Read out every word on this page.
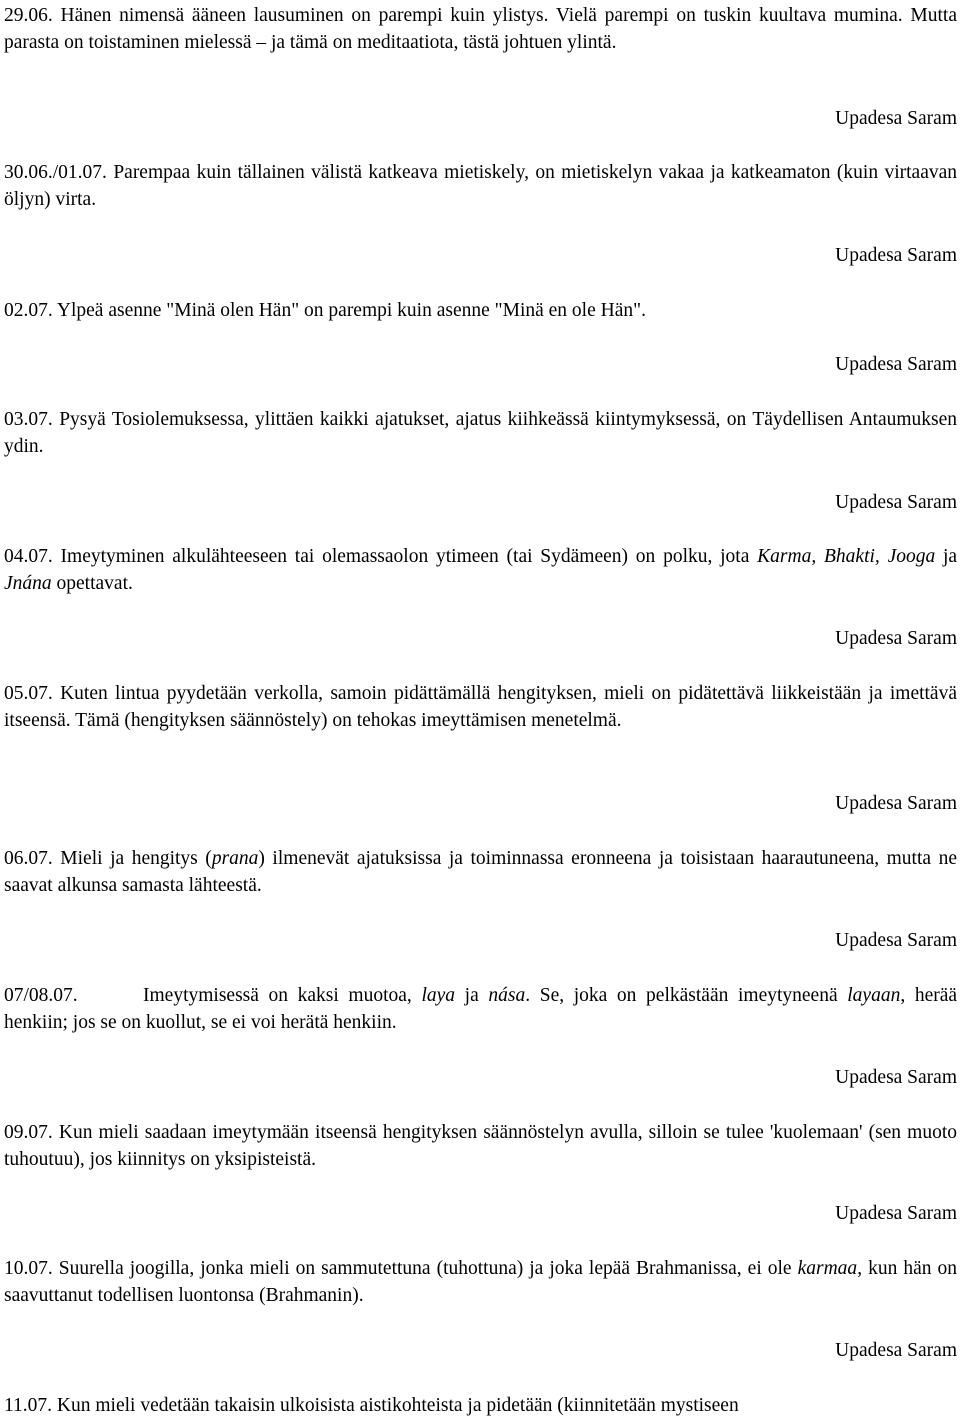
29.06. Hänen nimensä ääneen lausuminen on parempi kuin ylistys. Vielä parempi on tuskin kuultava mumina. Mutta parasta on toistaminen mielessä – ja tämä on meditaatiota, tästä johtuen ylintä.

Upadesa Saram

30.06./01.07. Parempaa kuin tällainen välistä katkeava mietiskely, on mietiskelyn vakaa ja katkeamaton (kuin virtaavan öljyn) virta.

Upadesa Saram

02.07. Ylpeä asenne "Minä olen Hän" on parempi kuin asenne "Minä en ole Hän".

Upadesa Saram

03.07. Pysyä Tosiolemuksessa, ylittäen kaikki ajatukset, ajatus kiihkeässä kiintymyksessä, on Täydellisen Antaumuksen ydin.

Upadesa Saram

04.07. Imeytyminen alkulähteeseen tai olemassaolon ytimeen (tai Sydämeen) on polku, jota Karma, Bhakti, Jooga ja Jnána opettavat.

Upadesa Saram

05.07. Kuten lintua pyydetään verkolla, samoin pidättämällä hengityksen, mieli on pidätettävä liikkeistään ja imettävä itseensä. Tämä (hengityksen säännöstely) on tehokas imeyttämisen menetelmä.

Upadesa Saram

06.07. Mieli ja hengitys (prana) ilmenevät ajatuksissa ja toiminnassa eronneena ja toisistaan haarautuneena, mutta ne saavat alkunsa samasta lähteestä.

Upadesa Saram

07/08.07.	Imeytymisessä on kaksi muotoa, laya ja nása. Se, joka on pelkästään imeytyneenä layaan, herää henkiin; jos se on kuollut, se ei voi herätä henkiin.

Upadesa Saram

09.07. Kun mieli saadaan imeytymään itseensä hengityksen säännöstelyn avulla, silloin se tulee 'kuolemaan' (sen muoto tuhoutuu), jos kiinnitys on yksipisteistä.

Upadesa Saram

10.07. Suurella joogilla, jonka mieli on sammutettuna (tuhottuna) ja joka lepää Brahmanissa, ei ole karmaa, kun hän on saavuttanut todellisen luontonsa (Brahmanin).

Upadesa Saram

11.07. Kun mieli vedetään takaisin ulkoisista aistikohteista ja pidetään (kiinnitetään mystiseen
